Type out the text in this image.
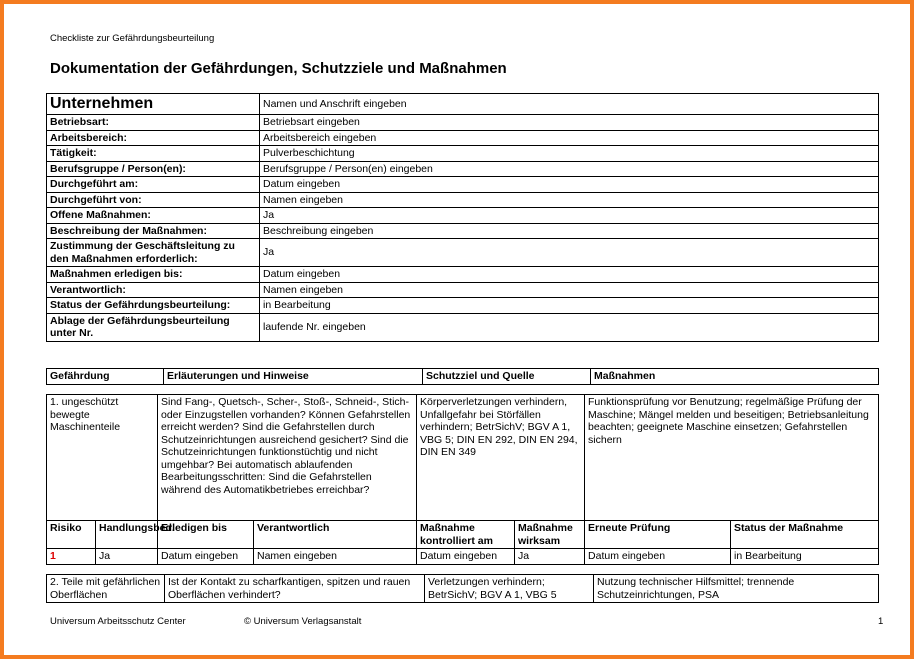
Checkliste zur Gefährdungsbeurteilung
Dokumentation der Gefährdungen, Schutzziele und Maßnahmen
Unternehmen	Namen und Anschrift eingeben
Betriebsart:	Betriebsart eingeben
Arbeitsbereich:	Arbeitsbereich eingeben
Tätigkeit:	Pulverbeschichtung
Berufsgruppe / Person(en):	Berufsgruppe / Person(en) eingeben
Durchgeführt am:	Datum eingeben
Durchgeführt von:	Namen eingeben
Offene Maßnahmen:	Ja
Beschreibung der Maßnahmen:	Beschreibung eingeben
Zustimmung der Geschäftsleitung zu den Maßnahmen erforderlich:	Ja
Maßnahmen erledigen bis:	Datum eingeben
Verantwortlich:	Namen eingeben
Status der Gefährdungsbeurteilung:	in Bearbeitung
Ablage der Gefährdungsbeurteilung unter Nr.	laufende Nr. eingeben
Gefährdung	Erläuterungen und Hinweise	Schutzziel und Quelle	Maßnahmen
1. ungeschützt bewegte Maschinenteile		Sind Fang-, Quetsch-, Scher-, Stoß-, Schneid-, Stich- oder Einzugstellen vorhanden? Können Gefahrstellen erreicht werden? Sind die Gefahrstellen durch Schutzeinrichtungen ausreichend gesichert? Sind die Schutzeinrichtungen funktionstüchtig und nicht umgehbar? Bei automatisch ablaufenden Bearbeitungsschritten: Sind die Gefahrstellen während des Automatikbetriebes erreichbar?		Körperverletzungen verhindern, Unfallgefahr bei Störfällen verhindern; BetrSichV; BGV A 1, VBG 5; DIN EN 292, DIN EN 294, DIN EN 349		Funktionsprüfung vor Benutzung; regelmäßige Prüfung der Maschine; Mängel melden und beseitigen; Betriebsanleitung beachten; geeignete Maschine einsetzen; Gefahrstellen sichern	
Risiko	Handlungsbed.	Erledigen bis	Verantwortlich	Maßnahme kontrolliert am	Maßnahme wirksam	Erneute Prüfung	Status der Maßnahme
1	Ja	Datum eingeben	Namen eingeben	Datum eingeben	Ja	Datum eingeben	in Bearbeitung
2. Teile mit gefährlichen Oberflächen	Ist der Kontakt zu scharfkantigen, spitzen und rauen Oberflächen verhindert?	Verletzungen verhindern; BetrSichV; BGV A 1, VBG 5	Nutzung technischer Hilfsmittel; trennende Schutzeinrichtungen, PSA
Universum Arbeitsschutz Center	© Universum Verlagsanstalt	1
